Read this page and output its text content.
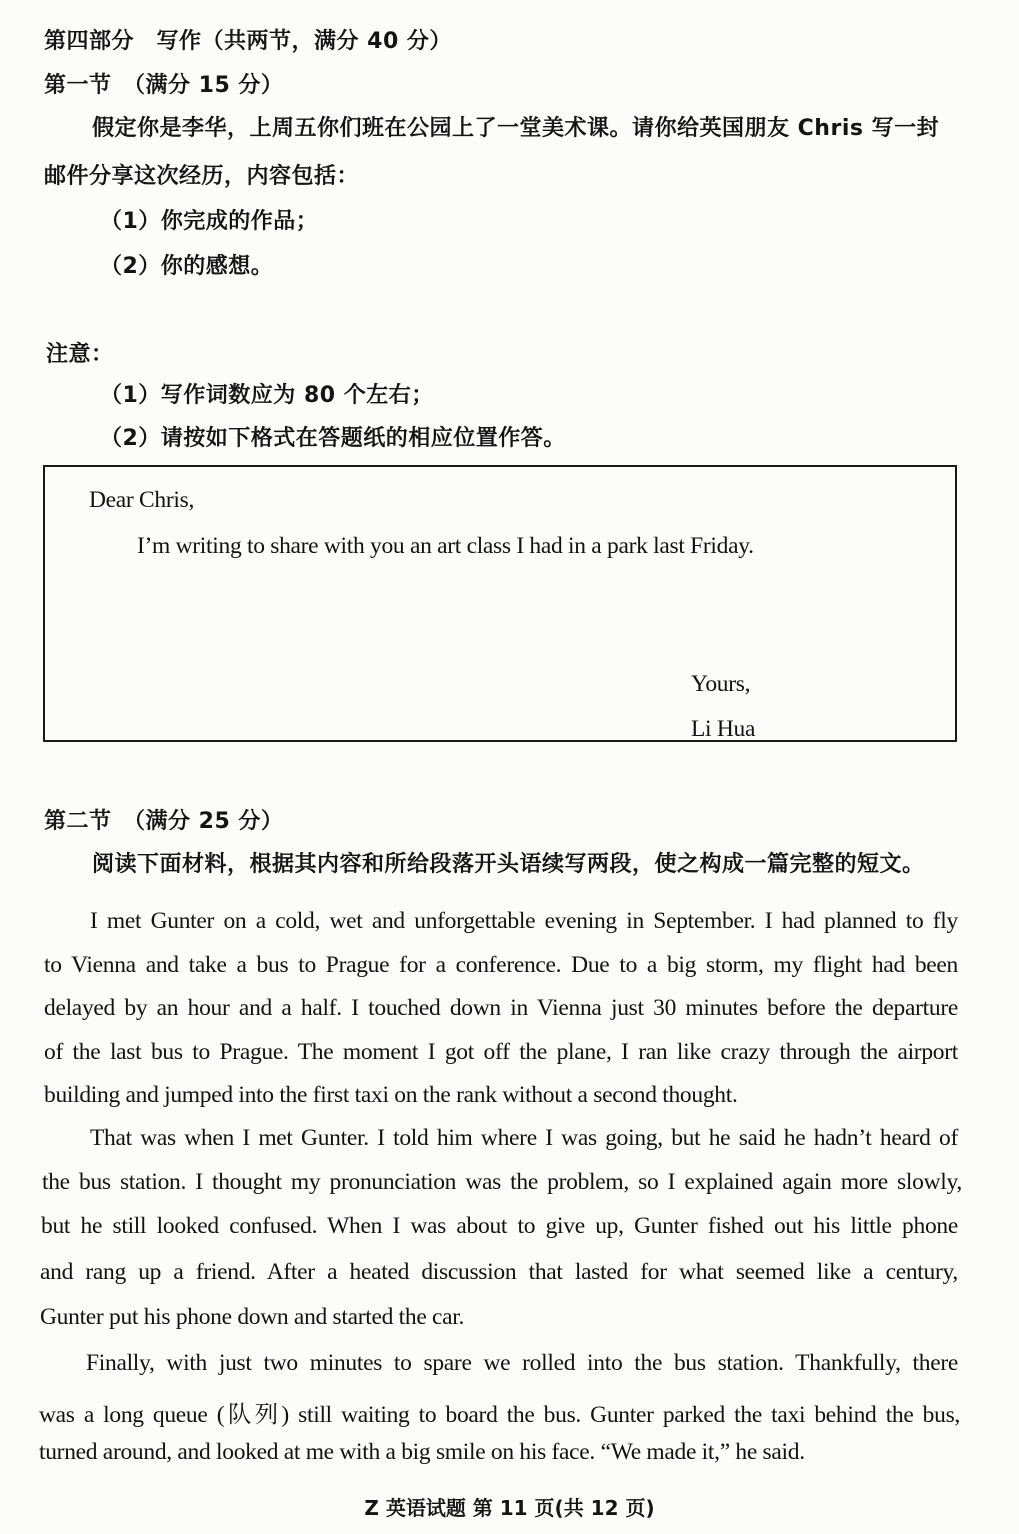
第四部分　写作（共两节，满分 40 分）
第一节　（满分 15 分）
假定你是李华，上周五你们班在公园上了一堂美术课。请你给英国朋友 Chris 写一封
邮件分享这次经历，内容包括：
（1）你完成的作品；
（2）你的感想。
注意：
（1）写作词数应为 80 个左右；
（2）请按如下格式在答题纸的相应位置作答。
Dear Chris,
I’m writing to share with you an art class I had in a park last Friday.
Yours,
Li Hua
第二节　（满分 25 分）
阅读下面材料，根据其内容和所给段落开头语续写两段，使之构成一篇完整的短文。
I met Gunter on a cold, wet and unforgettable evening in September. I had planned to fly
to Vienna and take a bus to Prague for a conference. Due to a big storm, my flight had been
delayed by an hour and a half. I touched down in Vienna just 30 minutes before the departure
of the last bus to Prague. The moment I got off the plane, I ran like crazy through the airport
building and jumped into the first taxi on the rank without a second thought.
That was when I met Gunter. I told him where I was going, but he said he hadn’t heard of
the bus station. I thought my pronunciation was the problem, so I explained again more slowly,
but he still looked confused. When I was about to give up, Gunter fished out his little phone
and rang up a friend. After a heated discussion that lasted for what seemed like a century,
Gunter put his phone down and started the car.
Finally, with just two minutes to spare we rolled into the bus station. Thankfully, there
was a long queue (队列) still waiting to board the bus. Gunter parked the taxi behind the bus,
turned around, and looked at me with a big smile on his face. “We made it,” he said.
Z 英语试题 第 11 页(共 12 页)
